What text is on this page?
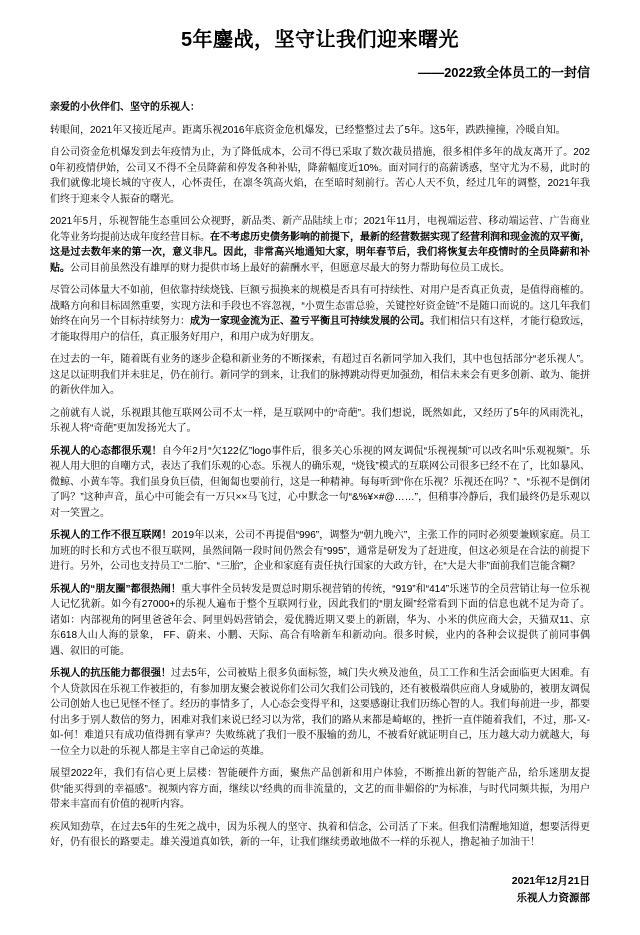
5年鏖战，坚守让我们迎来曙光
——2022致全体员工的一封信
亲爱的小伙伴们、坚守的乐视人：

转眼间，2021年又接近尾声。距离乐视2016年底资金危机爆发，已经整整过去了5年。这5年，跌跌撞撞，冷暖自知。

自公司资金危机爆发到去年疫情为止，为了降低成本，公司不得已采取了数次裁员措施，很多相伴多年的战友离开了。2020年初疫情伊始，公司又不得不全员降薪和停发各种补贴，降薪幅度近10%。面对同行的高薪诱惑，坚守尤为不易，此时的我们就像北境长城的守夜人，心怀责任，在凛冬筑高火焰，在至暗时刻前行。苦心人天不负，经过几年的调整，2021年我们终于迎来令人振奋的曙光。

2021年5月，乐视智能生态重回公众视野，新品类、新产品陆续上市；2021年11月，电视端运营、移动端运营、广告商业化等业务均提前达成年度经营目标。在不考虑历史债务影响的前提下，最新的经营数据实现了经营利润和现金流的双平衡，这是过去数年来的第一次，意义非凡。因此，非常高兴地通知大家，明年春节后，我们将恢复去年疫情时的全员降薪和补贴。公司目前虽然没有雄厚的财力提供市场上最好的薪酬水平，但愿意尽最大的努力帮助每位员工成长。

尽管公司体量大不如前，但依靠持续烧钱、巨额亏损换来的规模是否具有可持续性、对用户是否真正负责，是值得商榷的。战略方向和目标固然重要，实现方法和手段也不容忽视，“小贾生态雷总验，关键控好资金链”不是随口而说的。这几年我们始终在向另一个目标持续努力：成为一家现金流为正、盈亏平衡且可持续发展的公司。我们相信只有这样，才能行稳致远，才能取得用户的信任，真正服务好用户，和用户成为好朋友。

在过去的一年，随着既有业务的逐步企稳和新业务的不断探索，有超过百名新同学加入我们，其中也包括部分“老乐视人”。这足以证明我们并未驻足，仍在前行。新同学的到来，让我们的脉搏跳动得更加强劲，相信未来会有更多创新、敢为、能拼的新伙伴加入。

之前就有人说，乐视跟其他互联网公司不太一样，是互联网中的“奇葩”。我们想说，既然如此，又经历了5年的风雨洗礼，乐视人将“奇葩”更加发扬光大了。

乐视人的心态都很乐观！自今年2月“欠122亿”logo事件后，很多关心乐视的网友调侃“乐视视频”可以改名叫“乐观视频”。乐视人用大胆的自嘲方式，表达了我们乐观的心态。乐视人的确乐观，“烧钱”模式的互联网公司很多已经不在了，比如暴风、微鲸、小黄车等。我们虽身负巨债，但匍匐也要前行，这是一种精神。每每听到“你在乐视？乐视还在吗？”、“乐视不是倒闭了吗？”这种声音，虽心中可能会有一万只××马飞过，心中默念一句“&%¥×#@……”，但稍事冷静后，我们最终仍是乐观以对一笑置之。

乐视人的工作不很互联网！2019年以来，公司不再提倡“996”，调整为“朝九晚六”，主张工作的同时必须要兼顾家庭。员工加班的时长和方式也不很互联网，虽然间隔一段时间仍然会有“995”，通常是研发为了赶进度，但这必须是在合法的前提下进行。另外，公司也支持员工“二胎”、“三胎”，企业和家庭有责任执行国家的大政方针，在“大是大非”面前我们岂能含糊？

乐视人的“朋友圈”都很热闹！重大事件全员转发是贾总时期乐视营销的传统，“919”和“414”乐迷节的全员营销让每一位乐视人记忆犹新。如今有27000+的乐视人遍布于整个互联网行业，因此我们的“朋友圈”经常看到下面的信息也就不足为奇了。诸如：内部视角的阿里爸爸年会、阿里妈妈营销会，爱优腾近期又要上的新剧，华为、小米的供应商大会，天猫双11、京东618人山人海的景象， FF、蔚来、小鹏、天际、高合有啥新车和新动向。很多时候，业内的各种会议提供了前同事偶遇、叙旧的可能。

乐视人的抗压能力都很强！过去5年，公司被贴上很多负面标签，城门失火殃及池鱼，员工工作和生活会面临更大困难。有个人贷款因在乐视工作被拒的，有参加朋友聚会被说你们公司欠我们公司钱的，还有被极端供应商人身威胁的，被朋友调侃公司创始人也已见怪不怪了。经历的事情多了，人心态会变得平和，这要感谢让我们历练心智的人。我们每前进一步，都要付出多于别人数倍的努力，困难对我们来说已经习以为常，我们的路从来都是崎岖的，挫折一直伴随着我们，不过，那-又-如-何！难道只有成功值得拥有掌声？失败练就了我们一股不服输的劲儿，不被看好就证明自己，压力越大动力就越大，每一位全力以赴的乐视人都是主宰自己命运的英雄。

展望2022年，我们有信心更上层楼：智能硬件方面，聚焦产品创新和用户体验，不断推出新的智能产品，给乐迷朋友提供“能买得到的幸福感”。视频内容方面，继续以“经典的而非流量的，文艺的而非媚俗的”为标准，与时代同频共振，为用户带来丰富而有价值的视听内容。

疾风知劲草，在过去5年的生死之战中，因为乐视人的坚守、执着和信念，公司活了下来。但我们清醒地知道，想要活得更好，仍有很长的路要走。雄关漫道真如铁，新的一年，让我们继续勇敢地做不一样的乐视人，撸起袖子加油干！

2021年12月21日
乐视人力资源部
